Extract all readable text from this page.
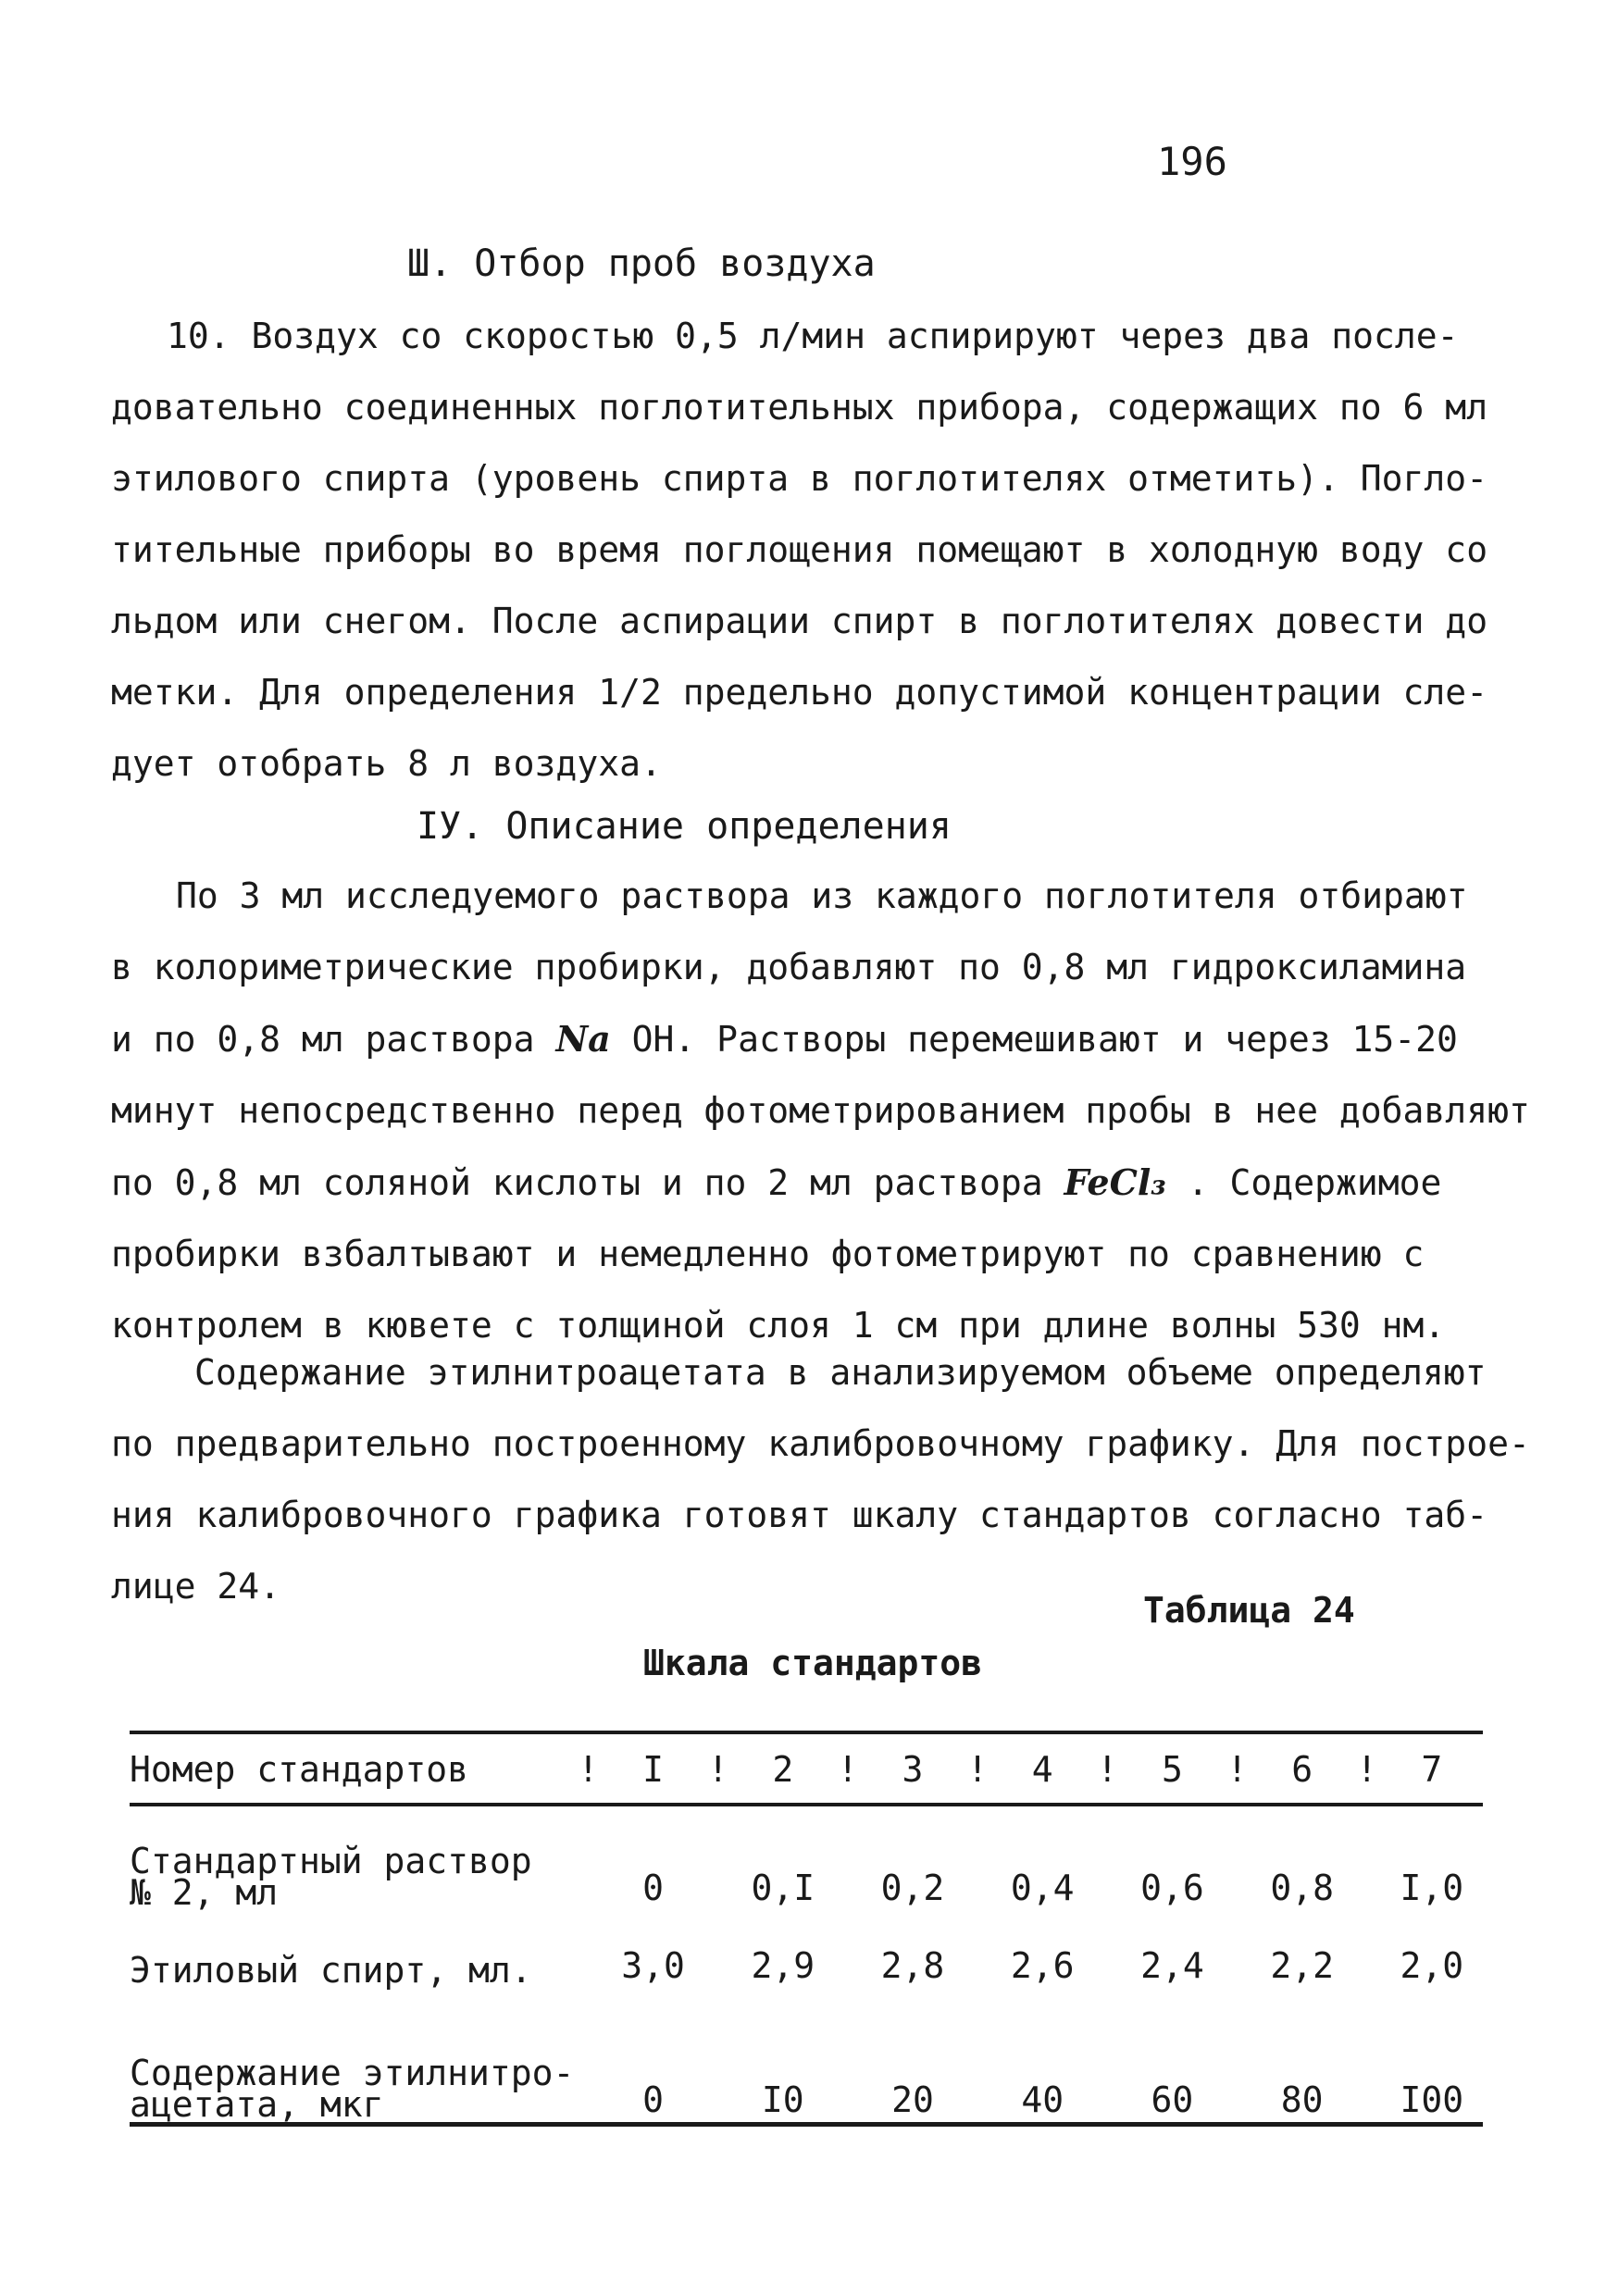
196
Ш. Отбор проб воздуха
10. Воздух со скоростью 0,5 л/мин аспирируют через два после-
довательно соединенных поглотительных прибора, содержащих по 6 мл
этилового спирта (уровень спирта в поглотителях отметить). Погло-
тительные приборы во время поглощения помещают в холодную воду со
льдом или снегом. После аспирации спирт в поглотителях довести до
метки. Для определения 1/2 предельно допустимой концентрации сле-
дует отобрать 8 л воздуха.
IУ. Описание определения
По 3 мл исследуемого раствора из каждого поглотителя отбирают
в колориметрические пробирки, добавляют по 0,8 мл гидроксиламина
и по 0,8 мл раствора Na OH. Растворы перемешивают и через 15-20
минут непосредственно перед фотометрированием пробы в нее добавляют
по 0,8 мл соляной кислоты и по 2 мл раствора FeCl₃ . Содержимое
пробирки взбалтывают и немедленно фотометрируют по сравнению с
контролем в кювете с толщиной слоя 1 см при длине волны 530 нм.
Содержание этилнитроацетата в анализируемом объеме определяют
по предварительно построенному калибровочному графику. Для построе-
ния калибровочного графика готовят шкалу стандартов согласно таб-
лице 24.
Таблица 24
Шкала стандартов
Номер стандартов	!	I	!	2	!	3	!	4	!	5	!	6	!	7

Стандартный раствор
№ 2, мл		0		0,I		0,2		0,4		0,6		0,8		I,0

Этиловый спирт, мл.		3,0		2,9		2,8		2,6		2,4		2,2		2,0

Содержание этилнитро-
ацетата, мкг		0		I0		20		40		60		80		I00
